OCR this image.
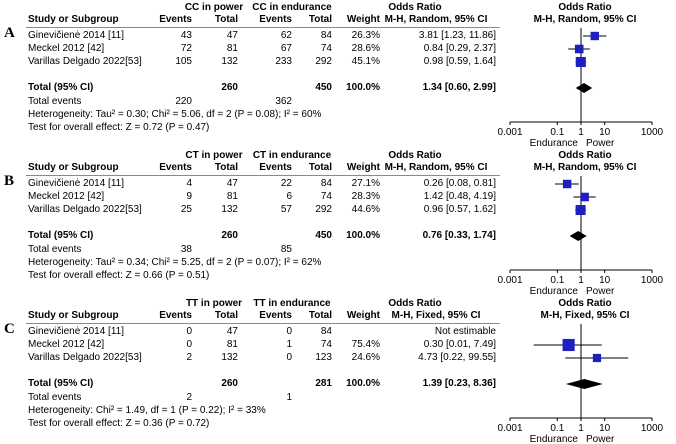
A
CC in power CC in endurance	Odds Ratio	Odds Ratio
Study or Subgroup	Events	Total	Events	Total	Weight M-H, Random, 95% CI	M-H, Random, 95% CI
Ginevičienė 2014 [11]	43	47	62	84	26.3%	3.81 [1.23, 11.86]
Meckel 2012 [42]	72	81	67	74	28.6%	0.84 [0.29, 2.37]
Varillas Delgado 2022[53]	105	132	233	292	45.1%	0.98 [0.59, 1.64]
Total (95% CI)	260	450	100.0%	1.34 [0.60, 2.99]
Total events	220	362
Heterogeneity: Tau² = 0.30; Chi² = 5.06, df = 2 (P = 0.08); I² = 60%
Test for overall effect: Z = 0.72 (P = 0.47)	0.001	0.1 1 10	1000
Endurance Power
B
CT in power	CT in endurance	Odds Ratio	Odds Ratio
Study or Subgroup	Events	Total	Events	Total	Weight M-H, Random, 95% CI	M-H, Random, 95% CI
Ginevičienė 2014 [11]	4	47	22	84	27.1%	0.26 [0.08, 0.81]
Meckel 2012 [42]	9	81	6	74	28.3%	1.42 [0.48, 4.19]
Varillas Delgado 2022[53]	25	132	57	292	44.6%	0.96 [0.57, 1.62]
Total (95% CI)	260	450	100.0%	0.76 [0.33, 1.74]
Total events	38	85
Heterogeneity: Tau² = 0.34; Chi² = 5.25, df = 2 (P = 0.07); I² = 62%
Test for overall effect: Z = 0.66 (P = 0.51)	0.001	0.1 1 10	1000
Endurance Power
C
TT in power	TT in endurance	Odds Ratio	Odds Ratio
Study or Subgroup	Events	Total	Events	Total	Weight	M-H, Fixed, 95% CI	M-H, Fixed, 95% CI
Ginevičienė 2014 [11]	0	47	0	84	Not estimable
Meckel 2012 [42]	0	81	1	74	75.4%	0.30 [0.01, 7.49]
Varillas Delgado 2022[53]	2	132	0	123	24.6%	4.73 [0.22, 99.55]
Total (95% CI)	260	281	100.0%	1.39 [0.23, 8.36]
Total events	2	1
Heterogeneity: Chi² = 1.49, df = 1 (P = 0.22); I² = 33%
Test for overall effect: Z = 0.36 (P = 0.72)	0.001	0.1 1 10	1000
Endurance Power
